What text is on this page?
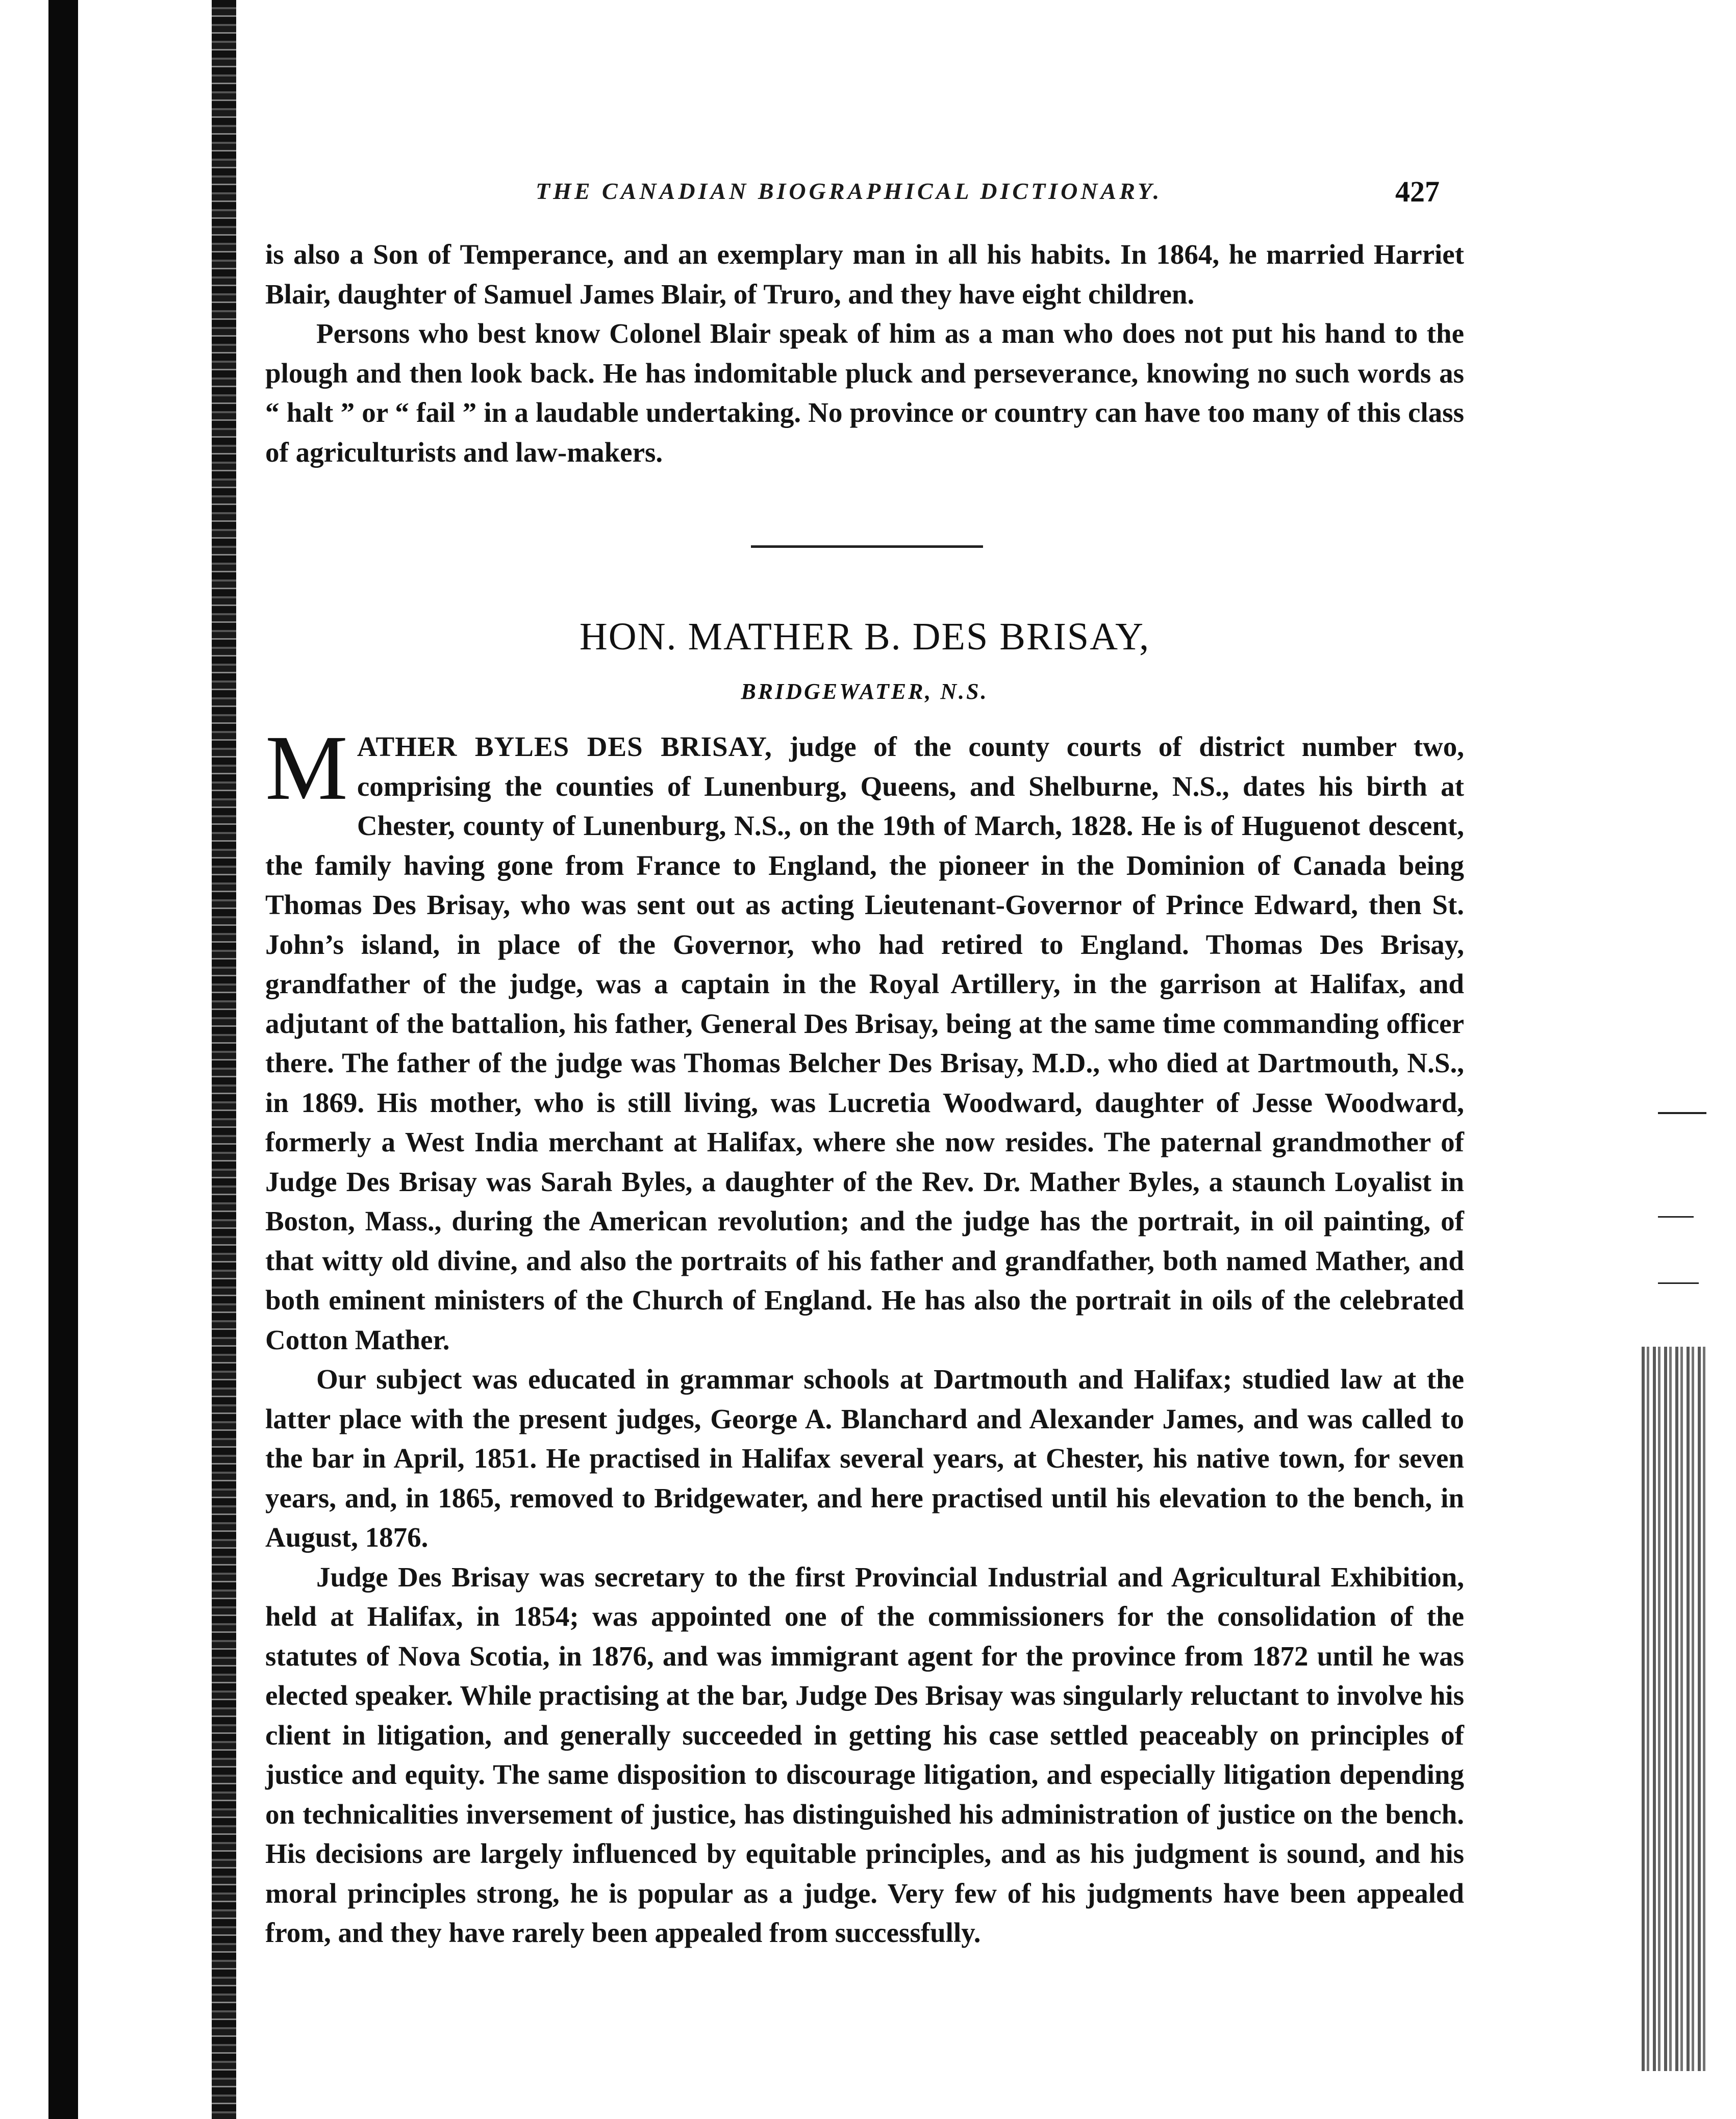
THE CANADIAN BIOGRAPHICAL DICTIONARY.	427

is also a Son of Temperance, and an exemplary man in all his habits. In 1864, he married Harriet Blair, daughter of Samuel James Blair, of Truro, and they have eight children.

Persons who best know Colonel Blair speak of him as a man who does not put his hand to the plough and then look back. He has indomitable pluck and perseverance, knowing no such words as “ halt ” or “ fail ” in a laudable undertaking. No province or country can have too many of this class of agriculturists and law-makers.

HON. MATHER B. DES BRISAY,
BRIDGEWATER, N.S.

MATHER BYLES DES BRISAY, judge of the county courts of district number two, comprising the counties of Lunenburg, Queens, and Shelburne, N.S., dates his birth at Chester, county of Lunenburg, N.S., on the 19th of March, 1828. He is of Huguenot descent, the family having gone from France to England, the pioneer in the Dominion of Canada being Thomas Des Brisay, who was sent out as acting Lieutenant-Governor of Prince Edward, then St. John’s island, in place of the Governor, who had retired to England. Thomas Des Brisay, grandfather of the judge, was a captain in the Royal Artillery, in the garrison at Halifax, and adjutant of the battalion, his father, General Des Brisay, being at the same time commanding officer there. The father of the judge was Thomas Belcher Des Brisay, M.D., who died at Dartmouth, N.S., in 1869. His mother, who is still living, was Lucretia Woodward, daughter of Jesse Woodward, formerly a West India merchant at Halifax, where she now resides. The paternal grandmother of Judge Des Brisay was Sarah Byles, a daughter of the Rev. Dr. Mather Byles, a staunch Loyalist in Boston, Mass., during the American revolution; and the judge has the portrait, in oil painting, of that witty old divine, and also the portraits of his father and grandfather, both named Mather, and both eminent ministers of the Church of England. He has also the portrait in oils of the celebrated Cotton Mather.

Our subject was educated in grammar schools at Dartmouth and Halifax; studied law at the latter place with the present judges, George A. Blanchard and Alexander James, and was called to the bar in April, 1851. He practised in Halifax several years, at Chester, his native town, for seven years, and, in 1865, removed to Bridgewater, and here practised until his elevation to the bench, in August, 1876.

Judge Des Brisay was secretary to the first Provincial Industrial and Agricultural Exhibition, held at Halifax, in 1854; was appointed one of the commissioners for the consolidation of the statutes of Nova Scotia, in 1876, and was immigrant agent for the province from 1872 until he was elected speaker. While practising at the bar, Judge Des Brisay was singularly reluctant to involve his client in litigation, and generally succeeded in getting his case settled peaceably on principles of justice and equity. The same disposition to discourage litigation, and especially litigation depending on technicalities inversement of justice, has distinguished his administration of justice on the bench. His decisions are largely influenced by equitable principles, and as his judgment is sound, and his moral principles strong, he is popular as a judge. Very few of his judgments have been appealed from, and they have rarely been appealed from successfully.
